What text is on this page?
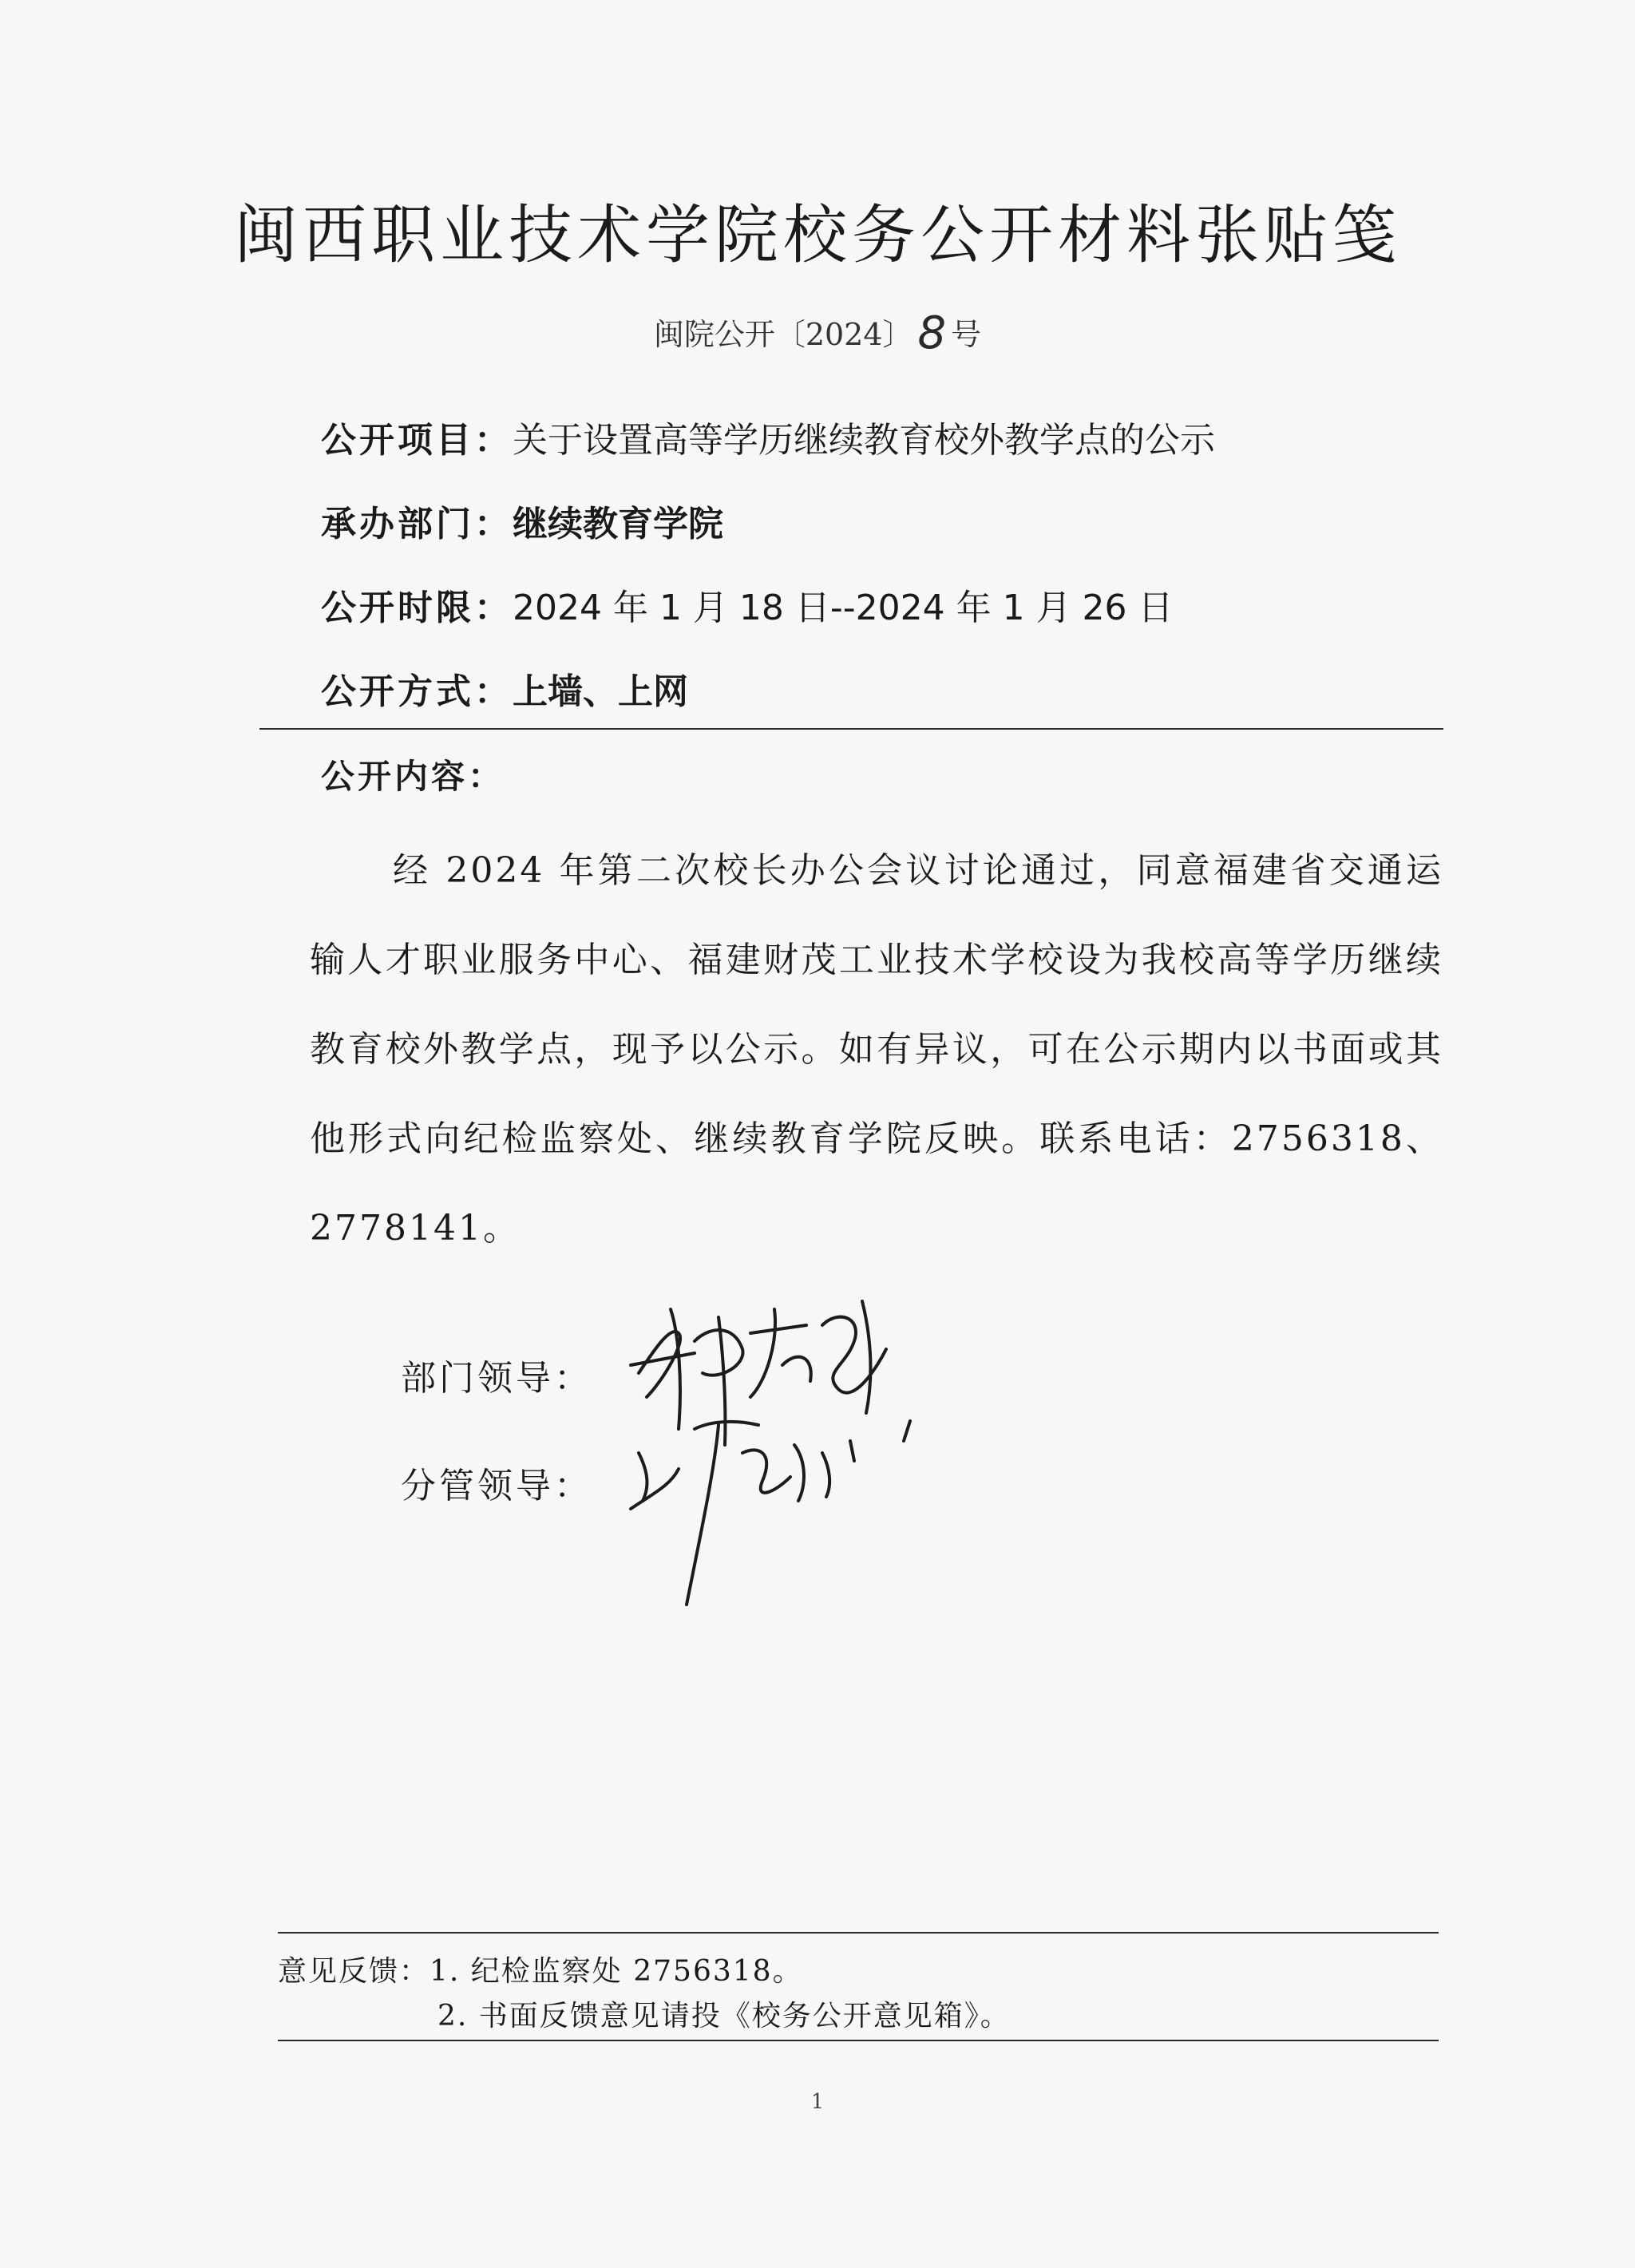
闽西职业技术学院校务公开材料张贴笺
闽院公开〔2024〕 8 号
公开项目：关于设置高等学历继续教育校外教学点的公示
承办部门：继续教育学院
公开时限：2024 年 1 月 18 日--2024 年 1 月 26 日
公开方式：上墙、上网
公开内容：

经 2024 年第二次校长办公会议讨论通过，同意福建省交通运输人才职业服务中心、福建财茂工业技术学校设为我校高等学历继续教育校外教学点，现予以公示。如有异议，可在公示期内以书面或其他形式向纪检监察处、继续教育学院反映。联系电话：2756318、2778141。

部门领导：
分管领导：
意见反馈：1. 纪检监察处 2756318。
2. 书面反馈意见请投《校务公开意见箱》。
1
